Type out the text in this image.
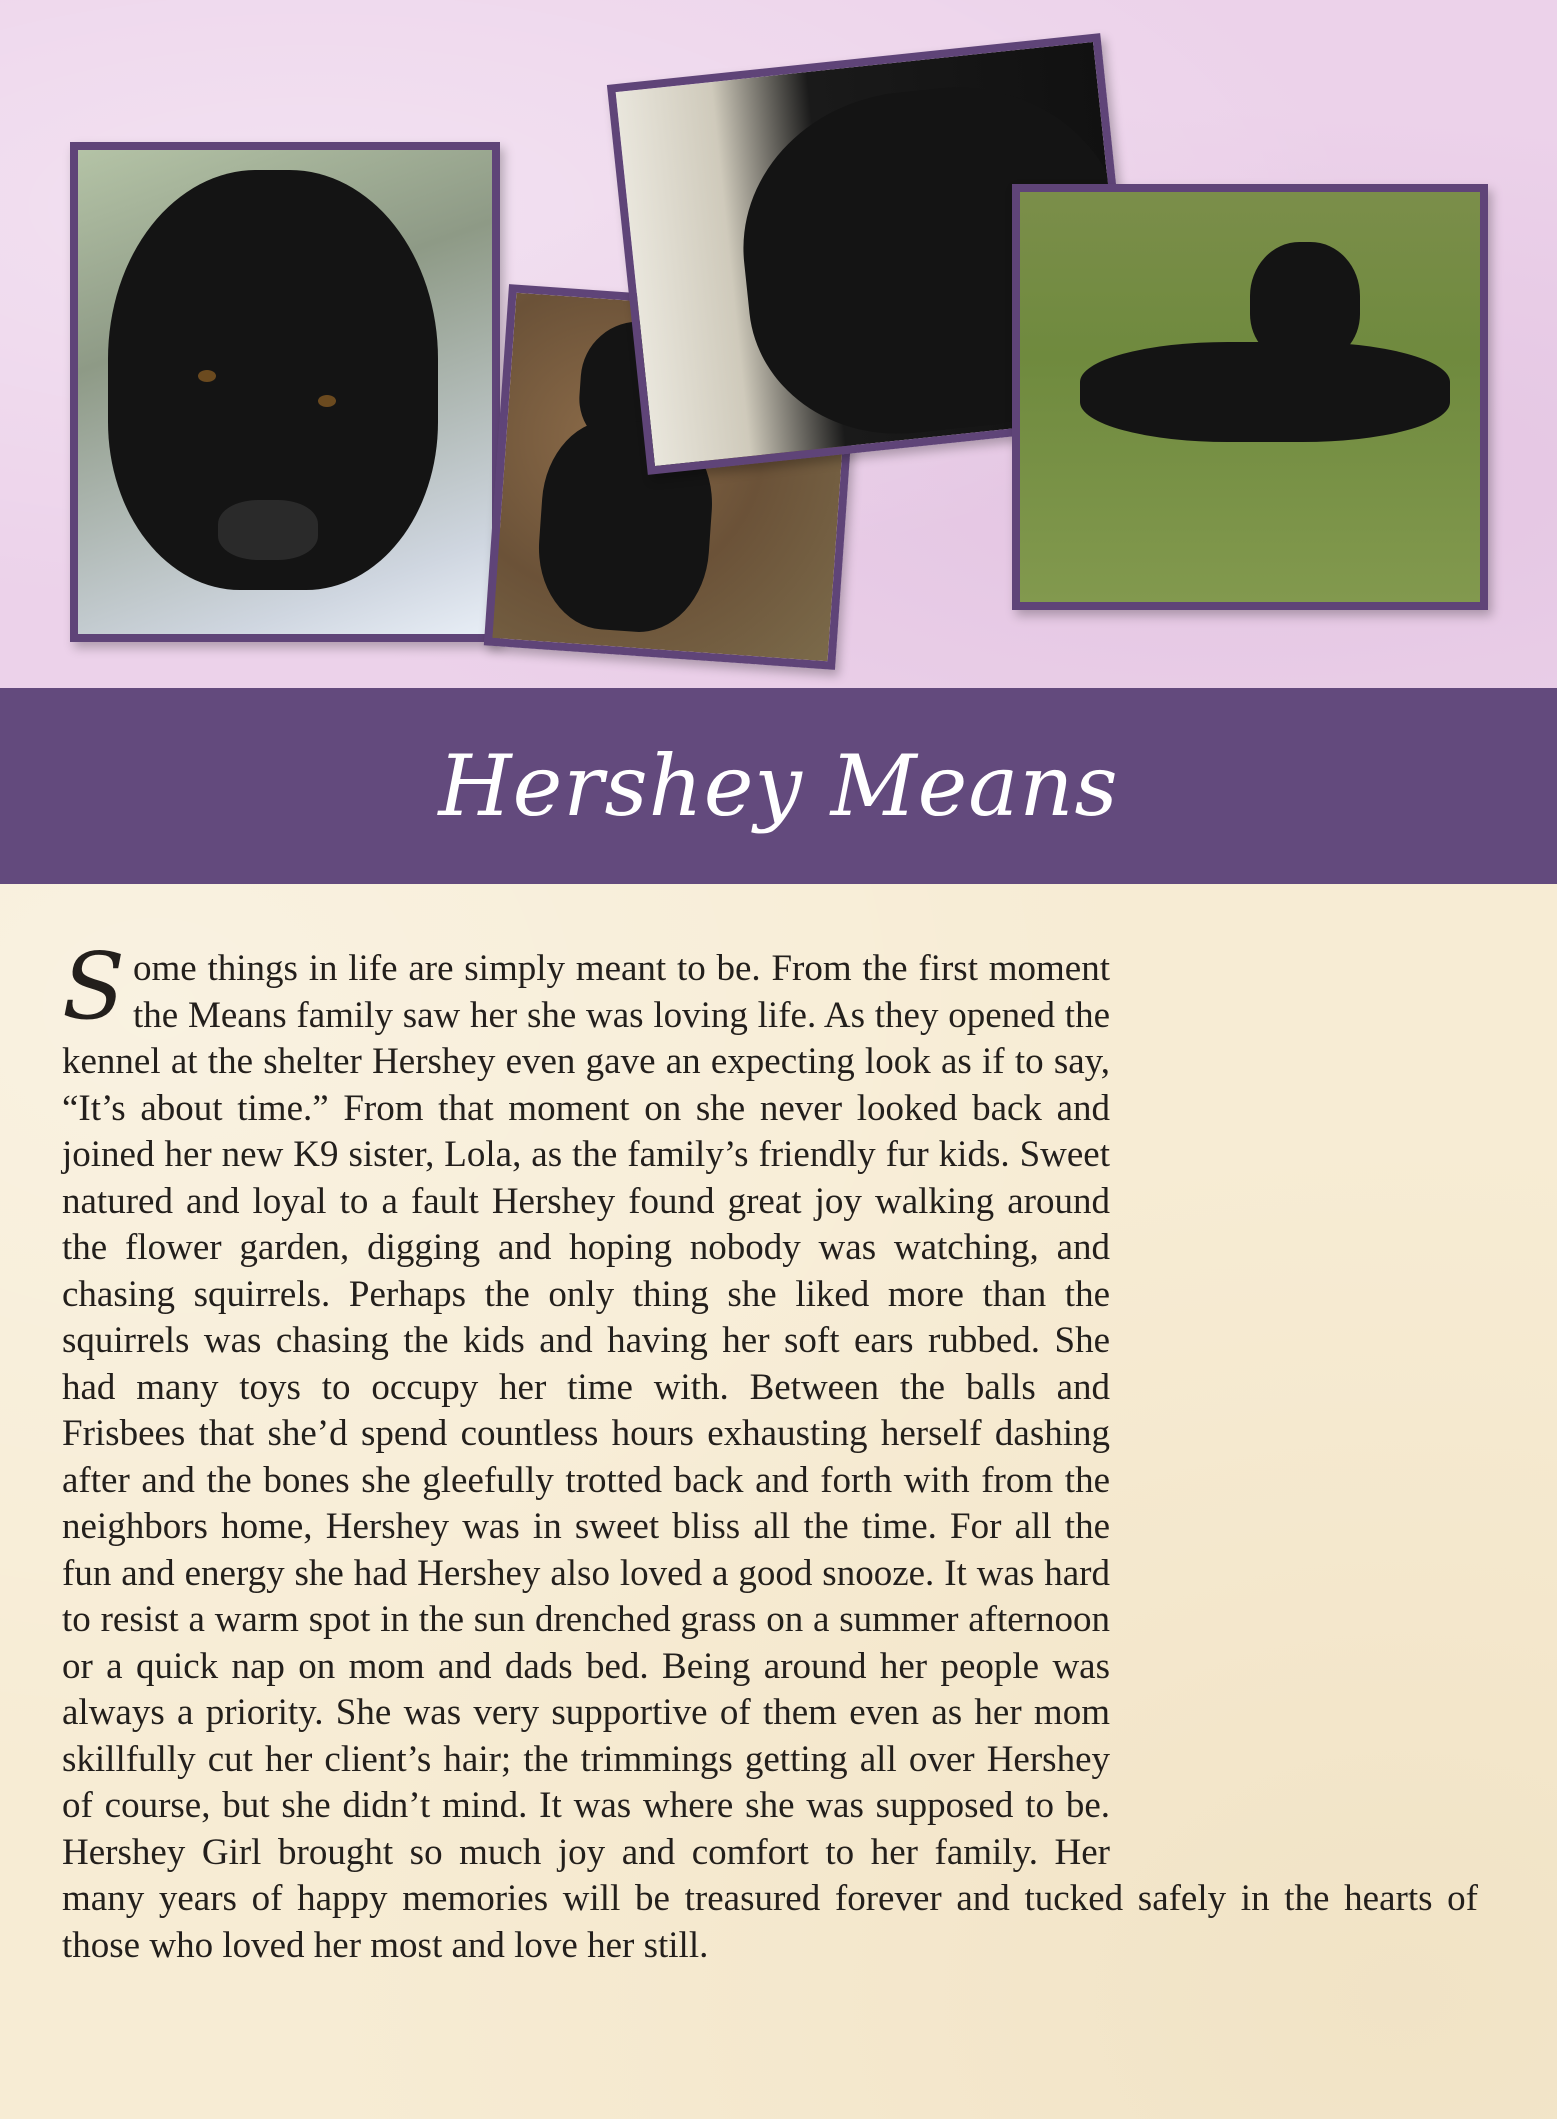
Hershey Means

S ome things in life are simply meant to be. From the first moment the Means family saw her she was loving life. As they opened the kennel at the shelter Hershey even gave an expecting look as if to say, “It’s about time.” From that moment on she never looked back and joined her new K9 sister, Lola, as the family’s friendly fur kids. Sweet natured and loyal to a fault Hershey found great joy walking around the flower garden, digging and hoping nobody was watching, and chasing squirrels. Perhaps the only thing she liked more than the squirrels was chasing the kids and having her soft ears rubbed. She had many toys to occupy her time with. Between the balls and Frisbees that she’d spend countless hours exhausting herself dashing after and the bones she gleefully trotted back and forth with from the neighbors home, Hershey was in sweet bliss all the time. For all the fun and energy she had Hershey also loved a good snooze. It was hard to resist a warm spot in the sun drenched grass on a summer afternoon or a quick nap on mom and dads bed. Being around her people was always a priority. She was very supportive of them even as her mom skillfully cut her client’s hair; the trimmings getting all over Hershey of course, but she didn’t mind. It was where she was supposed to be. Hershey Girl brought so much joy and comfort to her family. Her many years of happy memories will be treasured forever and tucked safely in the hearts of those who loved her most and love her still.
